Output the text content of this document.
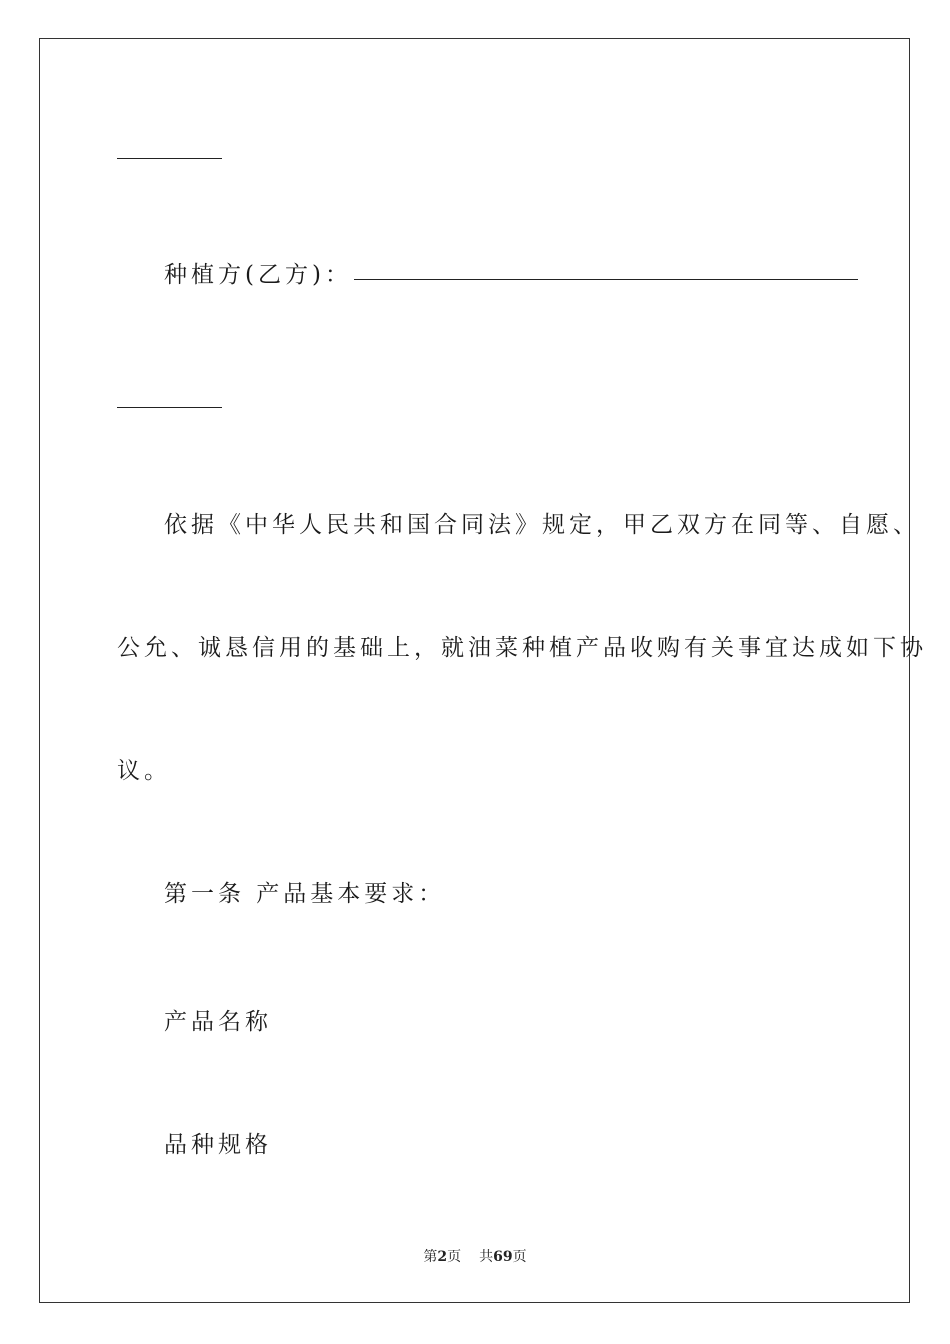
种植方(乙方)：
依据《中华人民共和国合同法》规定，甲乙双方在同等、自愿、
公允、诚恳信用的基础上，就油菜种植产品收购有关事宜达成如下协
议。
第一条 产品基本要求：
产品名称
品种规格
第2页 共69页
